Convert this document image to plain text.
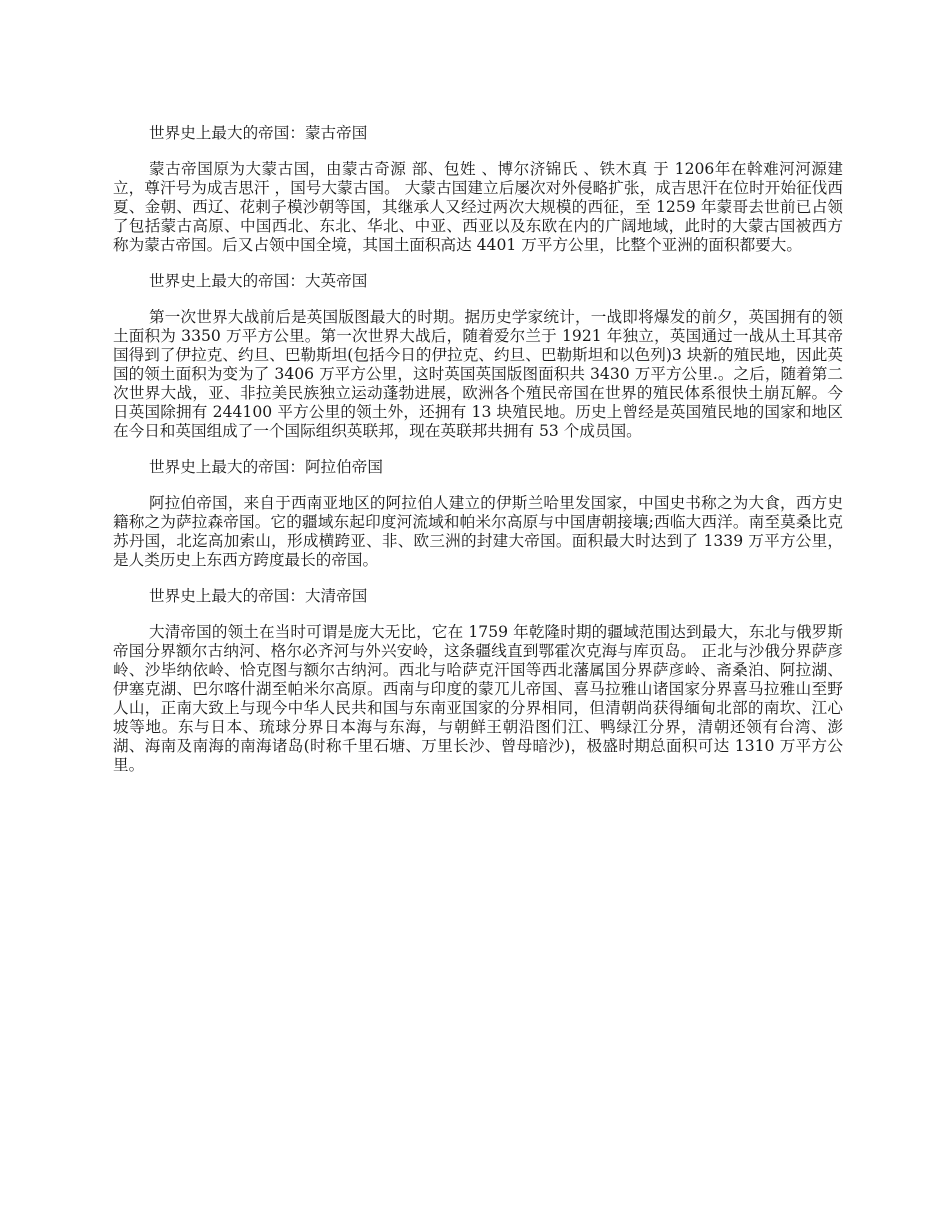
世界史上最大的帝国：蒙古帝国

蒙古帝国原为大蒙古国，由蒙古奇源 部、包姓 、博尔济锦氏 、铁木真 于 1206年在斡难河河源建立，尊汗号为成吉思汗 ，国号大蒙古国。 大蒙古国建立后屡次对外侵略扩张，成吉思汗在位时开始征伐西夏、金朝、西辽、花剌子模沙朝等国，其继承人又经过两次大规模的西征，至 1259 年蒙哥去世前已占领了包括蒙古高原、中国西北、东北、华北、中亚、西亚以及东欧在内的广阔地域，此时的大蒙古国被西方称为蒙古帝国。后又占领中国全境，其国土面积高达 4401 万平方公里，比整个亚洲的面积都要大。

世界史上最大的帝国：大英帝国

第一次世界大战前后是英国版图最大的时期。据历史学家统计，一战即将爆发的前夕，英国拥有的领土面积为 3350 万平方公里。第一次世界大战后，随着爱尔兰于 1921 年独立，英国通过一战从土耳其帝国得到了伊拉克、约旦、巴勒斯坦(包括今日的伊拉克、约旦、巴勒斯坦和以色列)3 块新的殖民地，因此英国的领土面积为变为了 3406 万平方公里，这时英国英国版图面积共 3430 万平方公里.。之后，随着第二次世界大战，亚、非拉美民族独立运动蓬勃进展，欧洲各个殖民帝国在世界的殖民体系很快土崩瓦解。今日英国除拥有 244100 平方公里的领土外，还拥有 13 块殖民地。历史上曾经是英国殖民地的国家和地区在今日和英国组成了一个国际组织英联邦，现在英联邦共拥有 53 个成员国。

世界史上最大的帝国：阿拉伯帝国

阿拉伯帝国，来自于西南亚地区的阿拉伯人建立的伊斯兰哈里发国家，中国史书称之为大食，西方史籍称之为萨拉森帝国。它的疆域东起印度河流域和帕米尔高原与中国唐朝接壤;西临大西洋。南至莫桑比克苏丹国，北迄高加索山，形成横跨亚、非、欧三洲的封建大帝国。面积最大时达到了 1339 万平方公里，是人类历史上东西方跨度最长的帝国。

世界史上最大的帝国：大清帝国

大清帝国的领土在当时可谓是庞大无比，它在 1759 年乾隆时期的疆域范围达到最大，东北与俄罗斯帝国分界额尔古纳河、格尔必齐河与外兴安岭，这条疆线直到鄂霍次克海与库页岛。 正北与沙俄分界萨彦岭、沙毕纳依岭、恰克图与额尔古纳河。西北与哈萨克汗国等西北藩属国分界萨彦岭、斋桑泊、阿拉湖、伊塞克湖、巴尔喀什湖至帕米尔高原。西南与印度的蒙兀儿帝国、喜马拉雅山诸国家分界喜马拉雅山至野人山，正南大致上与现今中华人民共和国与东南亚国家的分界相同，但清朝尚获得缅甸北部的南坎、江心坡等地。东与日本、琉球分界日本海与东海，与朝鲜王朝沿图们江、鸭绿江分界，清朝还领有台湾、澎湖、海南及南海的南海诸岛(时称千里石塘、万里长沙、曾母暗沙)，极盛时期总面积可达 1310 万平方公里。
